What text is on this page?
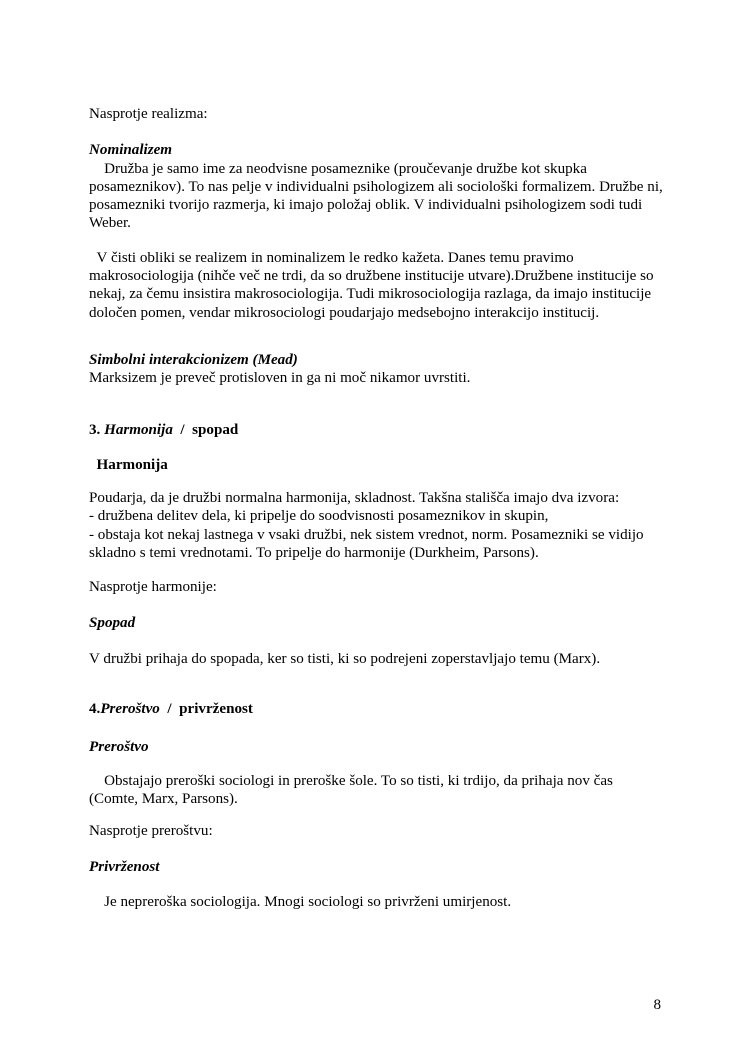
Nasprotje realizma:
Nominalizem
Družba je samo ime za neodvisne posameznike (proučevanje družbe kot skupka posameznikov). To nas pelje v individualni psihologizem ali sociološki formalizem. Družbe ni, posamezniki tvorijo razmerja, ki imajo položaj oblik. V individualni psihologizem sodi tudi Weber.
V čisti obliki se realizem in nominalizem le redko kažeta. Danes temu pravimo makrosociologija (nihče več ne trdi, da so družbene institucije utvare).Družbene institucije so nekaj, za čemu insistira makrosociologija. Tudi mikrosociologija razlaga, da imajo institucije določen pomen, vendar mikrosociologi poudarjajo medsebojno interakcijo institucij.
Simbolni interakcionizem (Mead)
Marksizem je preveč protisloven in ga ni moč nikamor uvrstiti.
3. Harmonija  /  spopad
Harmonija
Poudarja, da je družbi normalna harmonija, skladnost. Takšna stališča imajo dva izvora:
- družbena delitev dela, ki pripelje do soodvisnosti posameznikov in skupin,
- obstaja kot nekaj lastnega v vsaki družbi, nek sistem vrednot, norm. Posamezniki se vidijo skladno s temi vrednotami. To pripelje do harmonije (Durkheim, Parsons).
Nasprotje harmonije:
Spopad
V družbi prihaja do spopada, ker so tisti, ki so podrejeni zoperstavljajo temu (Marx).
4.Preroštvo  /  privrženost
Preroštvo
Obstajajo preroški sociologi in preroške šole. To so tisti, ki trdijo, da prihaja nov čas (Comte, Marx, Parsons).
Nasprotje preroštvu:
Privrženost
Je nepreroška sociologija. Mnogi sociologi so privrženi umirjenost.
8
